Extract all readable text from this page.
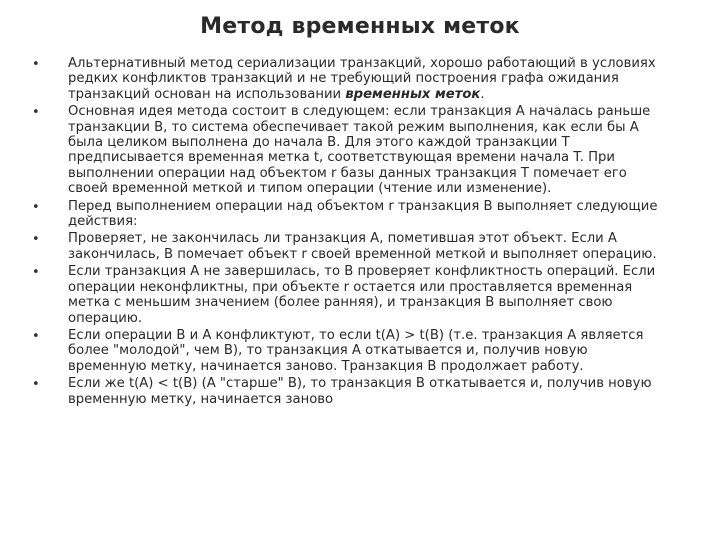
Метод временных меток
• Альтернативный метод сериализации транзакций, хорошо работающий в условиях редких конфликтов транзакций и не требующий построения графа ожидания транзакций основан на использовании временных меток.
• Основная идея метода состоит в следующем: если транзакция A началась раньше транзакции B, то система обеспечивает такой режим выполнения, как если бы A была целиком выполнена до начала B. Для этого каждой транзакции T предписывается временная метка t, соответствующая времени начала T. При выполнении операции над объектом r базы данных транзакция T помечает его своей временной меткой и типом операции (чтение или изменение).
• Перед выполнением операции над объектом r транзакция B выполняет следующие действия:
• Проверяет, не закончилась ли транзакция A, пометившая этот объект. Если A закончилась, B помечает объект r своей временной меткой и выполняет операцию.
• Если транзакция A не завершилась, то B проверяет конфликтность операций. Если операции неконфликтны, при объекте r остается или проставляется временная метка с меньшим значением (более ранняя), и транзакция B выполняет свою операцию.
• Если операции B и A конфликтуют, то если t(A) > t(B) (т.е. транзакция A является более "молодой", чем B), то транзакция A откатывается и, получив новую временную метку, начинается заново. Транзакция B продолжает работу.
• Если же t(A) < t(B) (A "старше" B), то транзакция B откатывается и, получив новую временную метку, начинается заново
